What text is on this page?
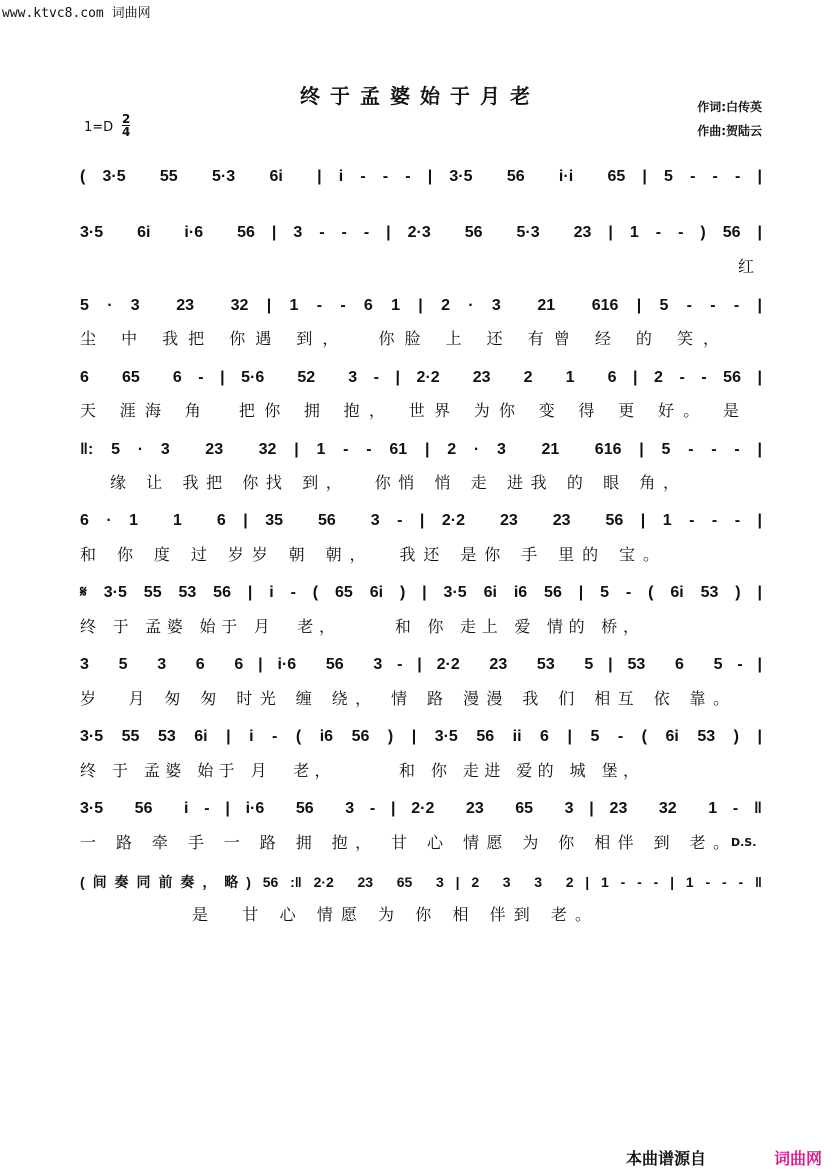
www.ktvc8.com 词曲网
终于孟婆始于月老	作词:白传英
作曲:贺陆云
1=D
2
4
( 3·5  55  5·3  6i  | i - - - | 3·5  56  i·i  65 | 5 - - - |
3·5  6i  i·6  56 | 3 - - - | 2·3  56  5·3  23 | 1 - - ) 56 |
5 · 3  23  32 | 1 - - 6 1 | 2 · 3  21  616 | 5 - - - |
6  65  6 - | 5·6  52  3 - | 2·2  23  2  1  6 | 2 - - 56 |
‖: 5 · 3  23  32 | 1 - - 61 | 2 · 3  21  616 | 5 - - - |
6 · 1  1  6 | 35  56  3 - | 2·2  23  23  56 | 1 - - - |
𝄋 3·5 55 53 56 | i - ( 65 6i ) | 3·5 6i i6 56 | 5 - ( 6i 53 ) |
3  5  3  6  6 | i·6  56  3 - | 2·2  23  53  5 | 53  6  5 - |
3·5 55 53 6i | i - ( i6 56 ) | 3·5 56 ii 6 | 5 - ( 6i 53 ) |
3·5  56  i - | i·6  56  3 - | 2·2  23  65  3 | 23  32  1 - ‖
(间奏同前奏，略) 56 :‖ 2·2  23  65  3 | 2  3  3  2 | 1 - - - | 1 - - - ‖
红
尘 中 我把 你遇 到，  你脸 上 还 有曾 经 的 笑，
天 涯海 角  把你 拥 抱， 世界 为你 变 得 更 好。 是
缘 让 我把 你找 到，  你悄 悄 走 进我 的 眼 角，
和 你 度 过 岁岁 朝 朝，  我还 是你 手 里的 宝。
终 于 孟婆 始于 月  老，     和 你 走上 爱 情的 桥，
岁  月 匆 匆 时光 缠 绕， 情 路 漫漫 我 们 相互 依 靠。
终 于 孟婆 始于 月  老，      和 你 走进 爱的 城 堡，
一 路 牵 手 一 路 拥 抱， 甘 心 情愿 为 你 相伴 到 老。 D.S.
是  甘 心 情愿 为 你 相 伴到 老。
本曲谱源自	词曲网
